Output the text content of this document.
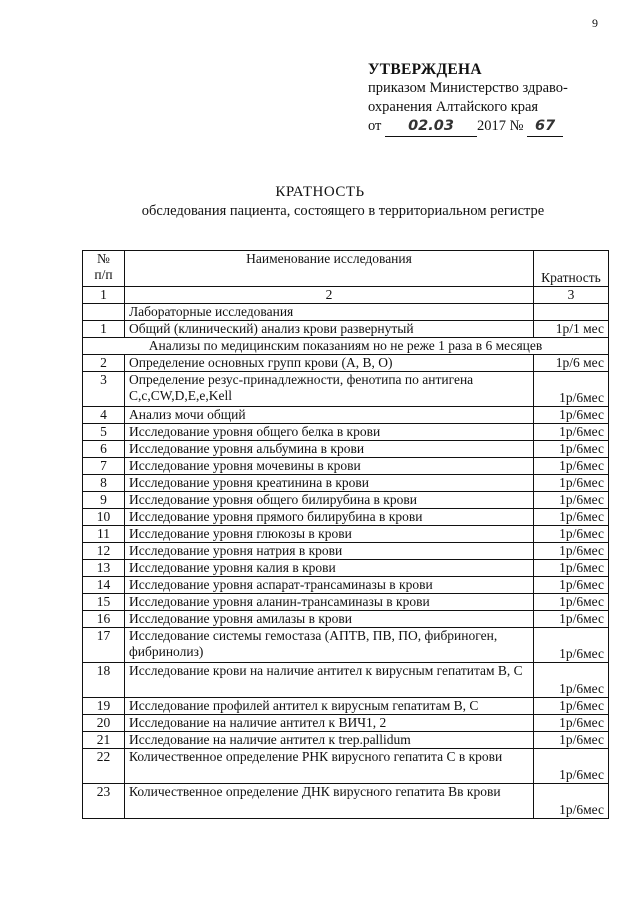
9
УТВЕРЖДЕНА
приказом Министерство здраво-
охранения Алтайского края
от 02.03 2017 № 67
КРАТНОСТЬ
обследования пациента, состоящего в территориальном регистре
№
п/п	Наименование исследования	Кратность
1	2	3
	Лабораторные исследования	
1	Общий (клинический) анализ крови развернутый	1р/1 мес
Анализы по медицинским показаниям но не реже 1 раза в 6 месяцев		
2	Определение основных групп крови (А, В, О)	1р/6 мес
3	Определение резус-принадлежности, фенотипа по антигена C,c,CW,D,E,e,Kell	1р/6мес
4	Анализ мочи общий	1р/6мес
5	Исследование уровня общего белка в крови	1р/6мес
6	Исследование уровня альбумина в крови	1р/6мес
7	Исследование уровня мочевины в крови	1р/6мес
8	Исследование уровня креатинина в крови	1р/6мес
9	Исследование уровня общего билирубина в крови	1р/6мес
10	Исследование уровня прямого билирубина в крови	1р/6мес
11	Исследование уровня глюкозы в крови	1р/6мес
12	Исследование уровня натрия в крови	1р/6мес
13	Исследование уровня калия в крови	1р/6мес
14	Исследование уровня аспарат-трансаминазы в крови	1р/6мес
15	Исследование уровня аланин-трансаминазы в крови	1р/6мес
16	Исследование уровня амилазы в крови	1р/6мес
17	Исследование системы гемостаза (АПТВ, ПВ, ПО, фибриноген, фибринолиз)	1р/6мес
18	Исследование крови на наличие антител к вирусным гепатитам В, С	1р/6мес
19	Исследование профилей антител к вирусным гепатитам В, С	1р/6мес
20	Исследование на наличие антител к ВИЧ1, 2	1р/6мес
21	Исследование на наличие антител к trep.pallidum	1р/6мес
22	Количественное определение РНК вирусного гепатита С в крови	1р/6мес
23	Количественное определение ДНК вирусного гепатита Вв крови	1р/6мес
